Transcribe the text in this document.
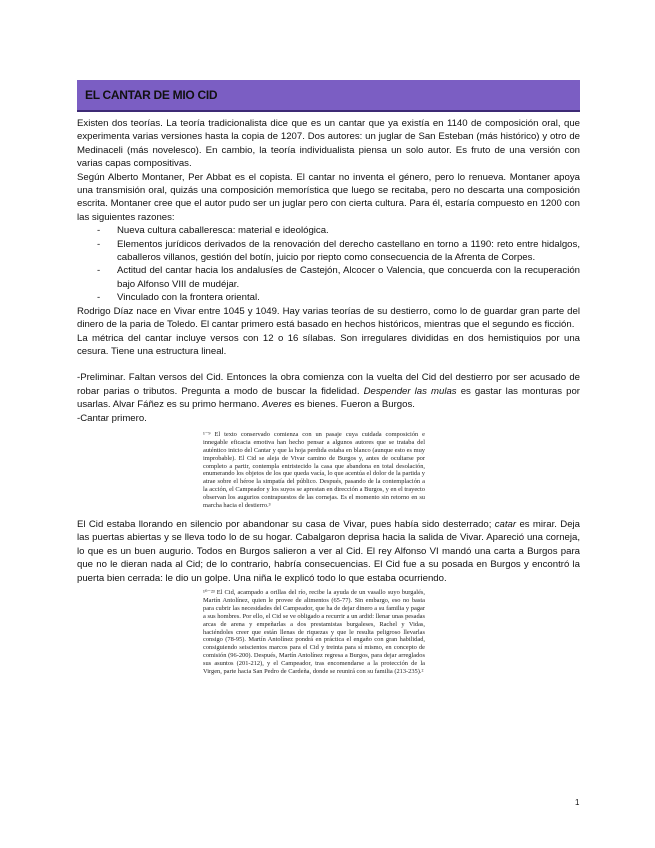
EL CANTAR DE MIO CID

Existen dos teorías. La teoría tradicionalista dice que es un cantar que ya existía en 1140 de composición oral, que experimenta varias versiones hasta la copia de 1207. Dos autores: un juglar de San Esteban (más histórico) y otro de Medinaceli (más novelesco). En cambio, la teoría individualista piensa un solo autor. Es fruto de una versión con varias capas compositivas.

Según Alberto Montaner, Per Abbat es el copista. El cantar no inventa el género, pero lo renueva. Montaner apoya una transmisión oral, quizás una composición memorística que luego se recitaba, pero no descarta una composición escrita. Montaner cree que el autor pudo ser un juglar pero con cierta cultura. Para él, estaría compuesto en 1200 con las siguientes razones:

- Nueva cultura caballeresca: material e ideológica.
- Elementos jurídicos derivados de la renovación del derecho castellano en torno a 1190: reto entre hidalgos, caballeros villanos, gestión del botín, juicio por riepto como consecuencia de la Afrenta de Corpes.
- Actitud del cantar hacia los andalusíes de Castejón, Alcocer o Valencia, que concuerda con la recuperación bajo Alfonso VIII de mudéjar.
- Vinculado con la frontera oriental.

Rodrigo Díaz nace en Vivar entre 1045 y 1049. Hay varias teorías de su destierro, como lo de guardar gran parte del dinero de la paria de Toledo. El cantar primero está basado en hechos históricos, mientras que el segundo es ficción.

La métrica del cantar incluye versos con 12 o 16 sílabas. Son irregulares divididas en dos hemistiquios por una cesura. Tiene una estructura lineal.

-Preliminar. Faltan versos del Cid. Entonces la obra comienza con la vuelta del Cid del destierro por ser acusado de robar parias o tributos. Pregunta a modo de buscar la fidelidad. Despender las mulas es gastar las monturas por usarlas. Alvar Fáñez es su primo hermano. Averes es bienes. Fueron a Burgos.

-Cantar primero.

¹⁻⁹ El texto conservado comienza con un pasaje cuya cuidada composición e innegable eficacia emotiva han hecho pensar a algunos autores que se trataba del auténtico inicio del Cantar y que la hoja perdida estaba en blanco (aunque esto es muy improbable). El Cid se aleja de Vivar camino de Burgos y, antes de ocultarse por completo a partir, contempla entristecido la casa que abandona en total desolación, enumerando los objetos de los que queda vacía, lo que acentúa el dolor de la partida y atrae sobre el héroe la simpatía del público. Después, pasando de la contemplación a la acción, el Campeador y los suyos se aprestan en dirección a Burgos, y en el trayecto observan los augurios contrapuestos de las cornejas. Es el momento sin retorno en su marcha hacia el destierro.³

El Cid estaba llorando en silencio por abandonar su casa de Vivar, pues había sido desterrado; catar es mirar. Deja las puertas abiertas y se lleva todo lo de su hogar. Cabalgaron deprisa hacia la salida de Vivar. Apareció una corneja, lo que es un buen augurio. Todos en Burgos salieron a ver al Cid. El rey Alfonso VI mandó una carta a Burgos para que no le dieran nada al Cid; de lo contrario, habría consecuencias. El Cid fue a su posada en Burgos y encontró la puerta bien cerrada: le dio un golpe. Una niña le explicó todo lo que estaba ocurriendo.

¹⁰⁻²³ El Cid, acampado a orillas del río, recibe la ayuda de un vasallo suyo burgalés, Martín Antolínez, quien le provee de alimentos (65-77). Sin embargo, eso no basta para cubrir las necesidades del Campeador, que ha de dejar dinero a su familia y pagar a sus hombres. Por ello, el Cid se ve obligado a recurrir a un ardid: llenar unas pesadas arcas de arena y empeñarlas a dos prestamistas burgaleses, Rachel y Vidas, haciéndoles creer que están llenas de riquezas y que le resulta peligroso llevarlas consigo (78-95). Martín Antolínez pondrá en práctica el engaño con gran habilidad, consiguiendo seiscientos marcos para el Cid y treinta para sí mismo, en concepto de comisión (96-200). Después, Martín Antolínez regresa a Burgos, para dejar arreglados sus asuntos (201-212), y el Campeador, tras encomendarse a la protección de la Virgen, parte hacia San Pedro de Cardeña, donde se reunirá con su familia (213-235).²
1
